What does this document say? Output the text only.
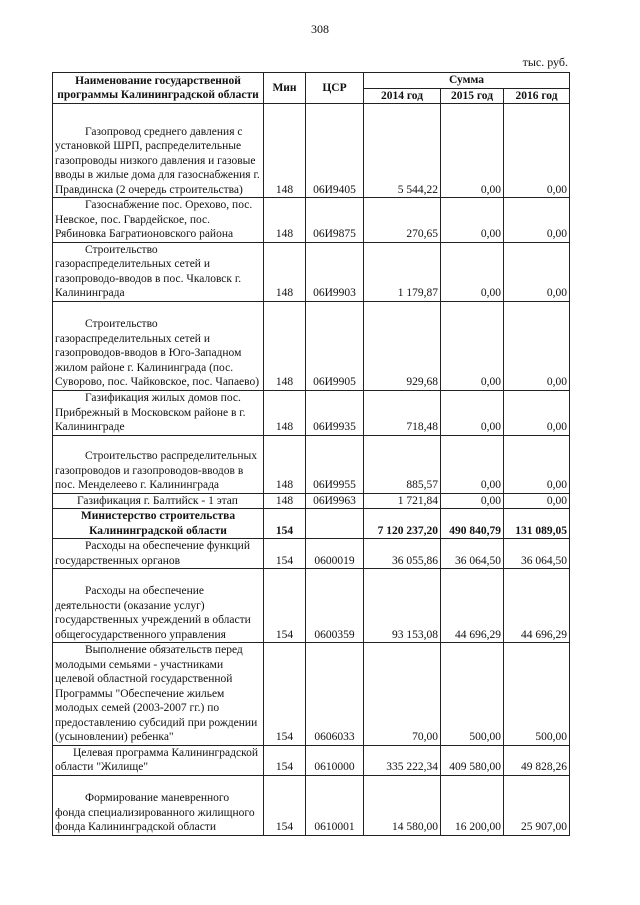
308
тыс. руб.
Наименование государственной программы Калининградской области	Мин	ЦСР	Сумма		
			2014 год	2015 год	2016 год
Газопровод среднего давления с установкой ШРП, распределительные газопроводы низкого давления и газовые вводы в жилые дома для газоснабжения г. Правдинска (2 очередь строительства)	148	06И9405	5 544,22	0,00	0,00
Газоснабжение пос. Орехово, пос. Невское, пос. Гвардейское, пос. Рябиновка Багратионовского района	148	06И9875	270,65	0,00	0,00
Строительство газораспределительных сетей и газопроводо-вводов в пос. Чкаловск г. Калининграда	148	06И9903	1 179,87	0,00	0,00
Строительство газораспределительных сетей и газопроводов-вводов в Юго-Западном жилом районе г. Калининграда (пос. Суворово, пос. Чайковское, пос. Чапаево)	148	06И9905	929,68	0,00	0,00
Газификация жилых домов пос. Прибрежный в Московском районе в г. Калининграде	148	06И9935	718,48	0,00	0,00
Строительство распределительных газопроводов и газопроводов-вводов в пос. Менделеево г. Калининграда	148	06И9955	885,57	0,00	0,00
Газификация г. Балтийск - 1 этап	148	06И9963	1 721,84	0,00	0,00
Министерство строительства Калининградской области	154		7 120 237,20	490 840,79	131 089,05
Расходы на обеспечение функций государственных органов	154	0600019	36 055,86	36 064,50	36 064,50
Расходы на обеспечение деятельности (оказание услуг) государственных учреждений в области общегосударственного управления	154	0600359	93 153,08	44 696,29	44 696,29
Выполнение обязательств перед молодыми семьями - участниками целевой областной государственной Программы "Обеспечение жильем молодых семей (2003-2007 гг.) по предоставлению субсидий при рождении (усыновлении) ребенка"	154	0606033	70,00	500,00	500,00
Целевая программа Калининградской области "Жилище"	154	0610000	335 222,34	409 580,00	49 828,26
Формирование маневренного фонда специализированного жилищного фонда Калининградской области	154	0610001	14 580,00	16 200,00	25 907,00
